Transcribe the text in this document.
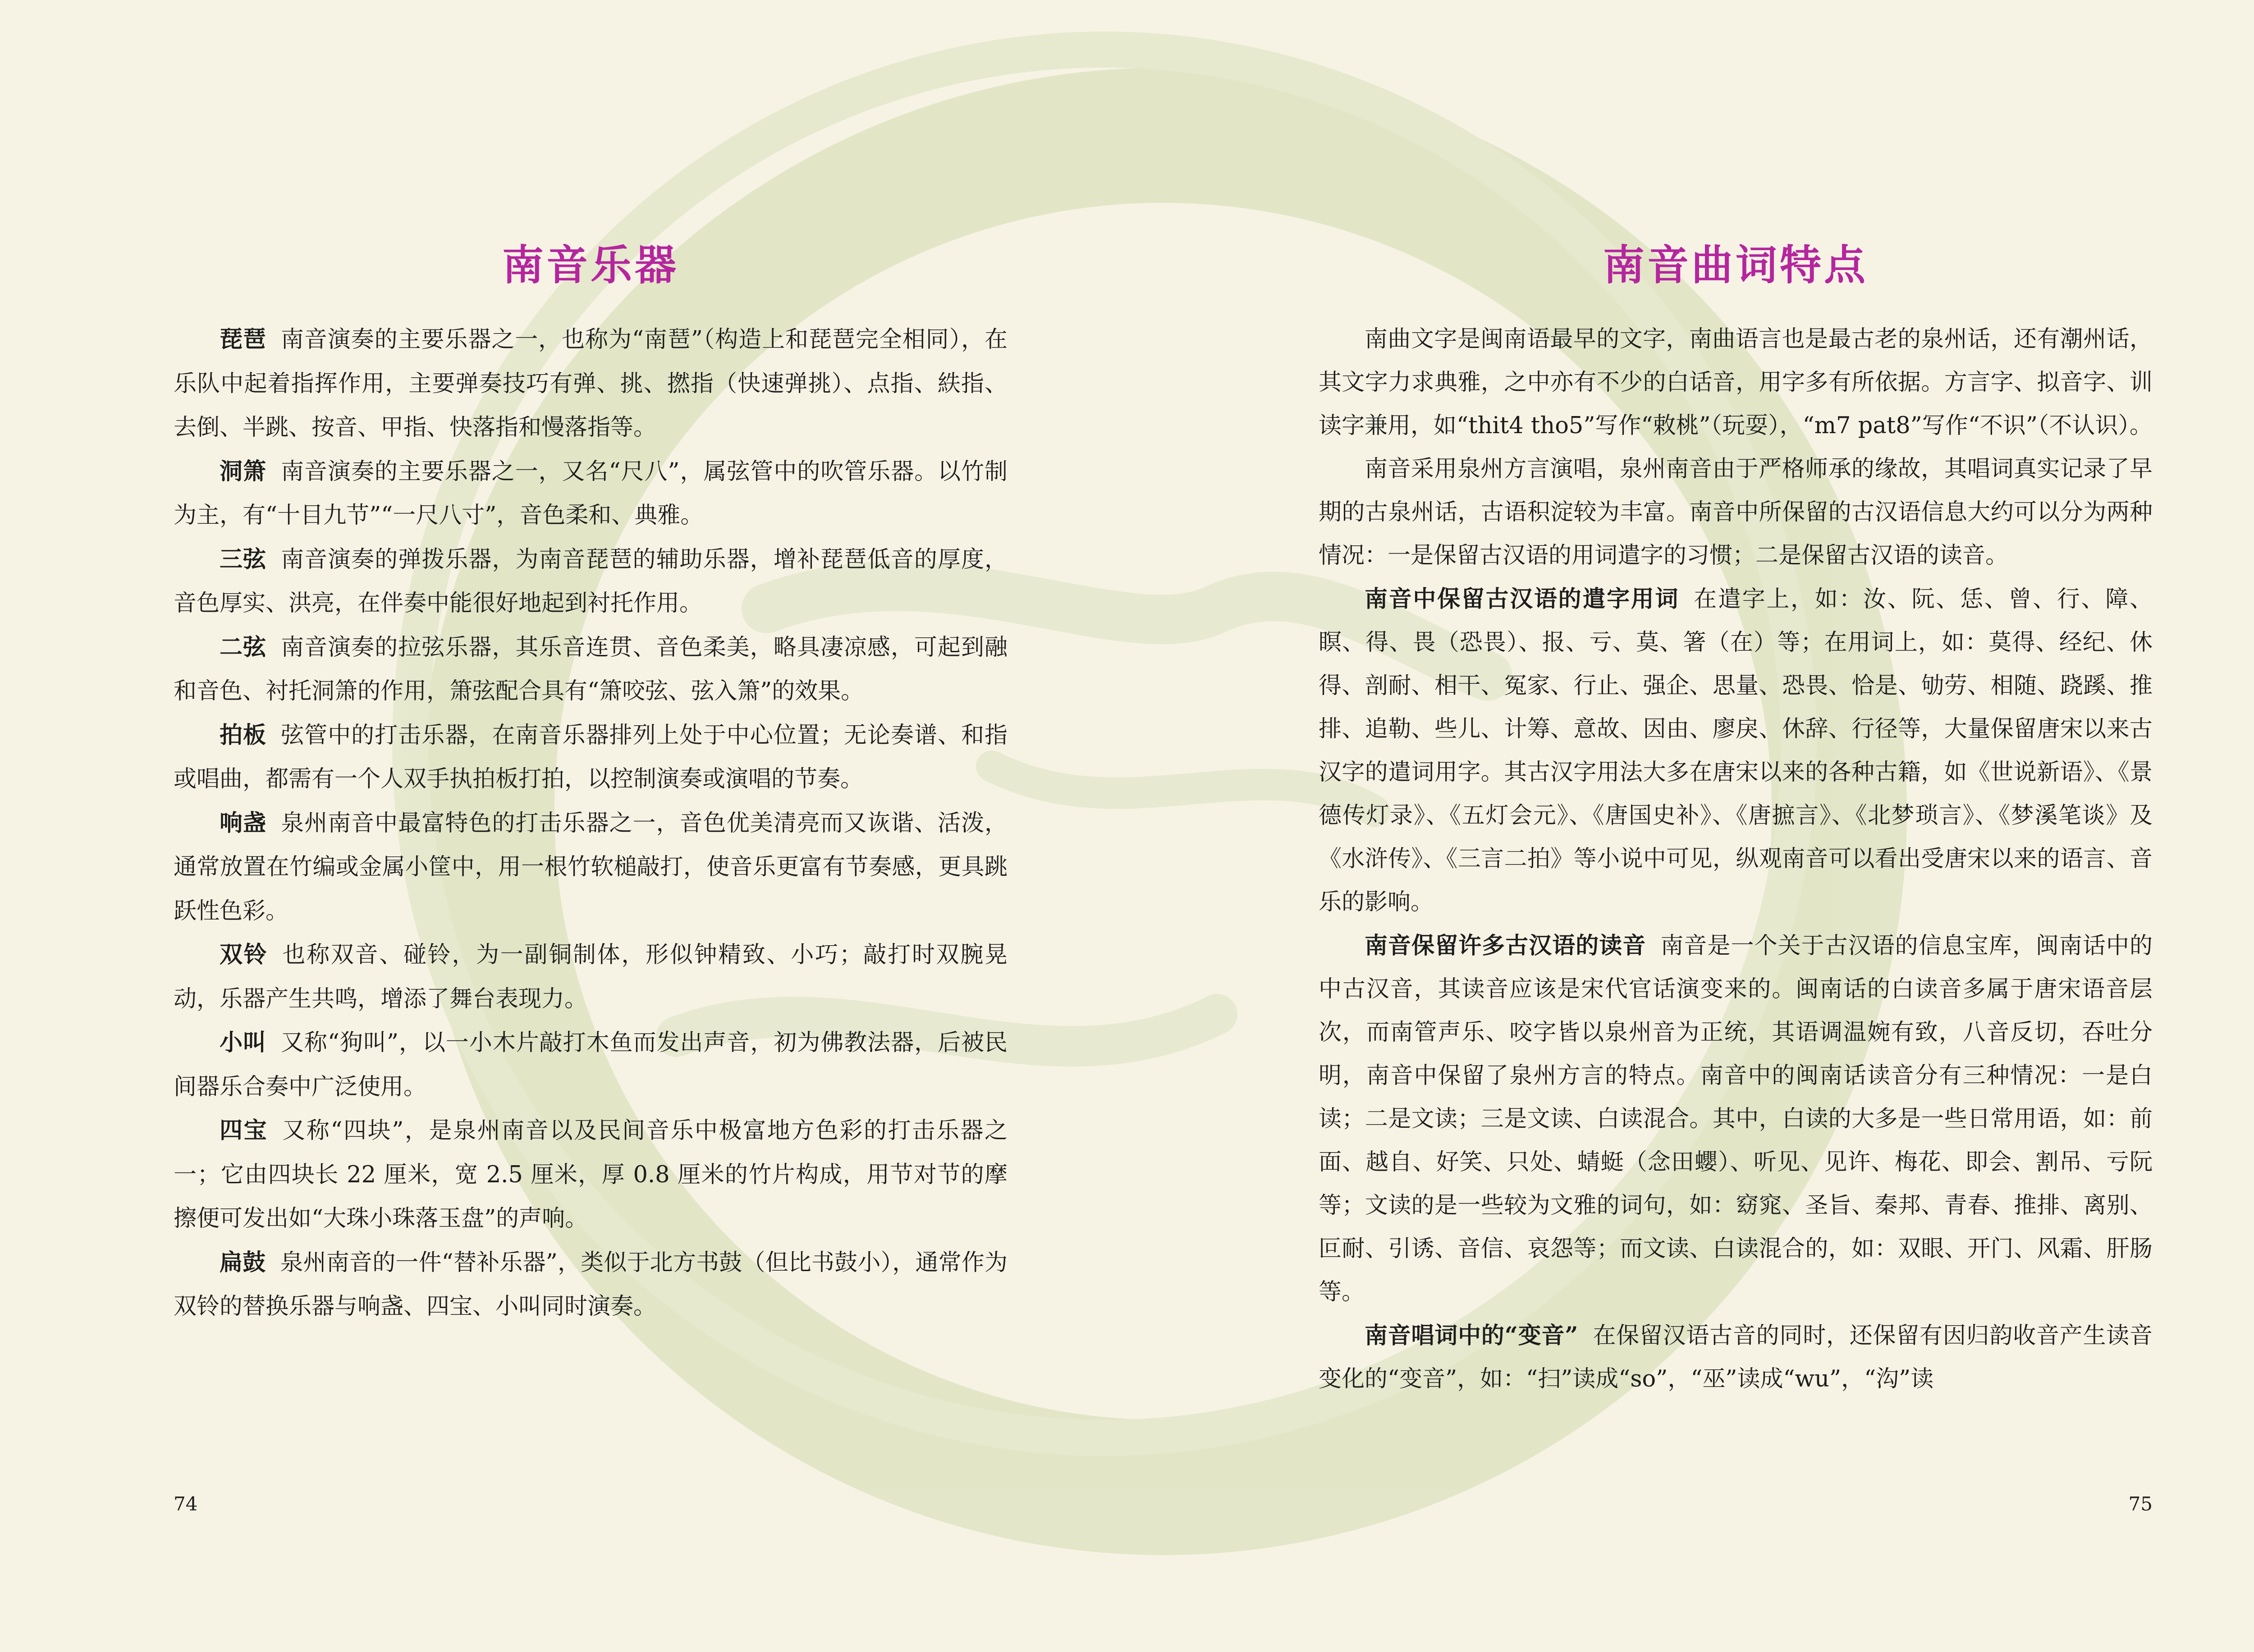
南音乐器

琵琶 南音演奏的主要乐器之一，也称为“南琶”（构造上和琵琶完全相同），在乐队中起着指挥作用，主要弹奏技巧有弹、挑、撚指（快速弹挑）、点指、紩指、去倒、半跳、按音、甲指、快落指和慢落指等。

洞箫 南音演奏的主要乐器之一，又名“尺八”，属弦管中的吹管乐器。以竹制为主，有“十目九节”“一尺八寸”，音色柔和、典雅。

三弦 南音演奏的弹拨乐器，为南音琵琶的辅助乐器，增补琵琶低音的厚度，音色厚实、洪亮，在伴奏中能很好地起到衬托作用。

二弦 南音演奏的拉弦乐器，其乐音连贯、音色柔美，略具凄凉感，可起到融和音色、衬托洞箫的作用，箫弦配合具有“箫咬弦、弦入箫”的效果。

拍板 弦管中的打击乐器，在南音乐器排列上处于中心位置；无论奏谱、和指或唱曲，都需有一个人双手执拍板打拍，以控制演奏或演唱的节奏。

响盏 泉州南音中最富特色的打击乐器之一，音色优美清亮而又诙谐、活泼，通常放置在竹编或金属小筐中，用一根竹软槌敲打，使音乐更富有节奏感，更具跳跃性色彩。

双铃 也称双音、碰铃，为一副铜制体，形似钟精致、小巧；敲打时双腕晃动，乐器产生共鸣，增添了舞台表现力。

小叫 又称“狗叫”，以一小木片敲打木鱼而发出声音，初为佛教法器，后被民间器乐合奏中广泛使用。

四宝 又称“四块”，是泉州南音以及民间音乐中极富地方色彩的打击乐器之一；它由四块长 22 厘米，宽 2.5 厘米，厚 0.8 厘米的竹片构成，用节对节的摩擦便可发出如“大珠小珠落玉盘”的声响。

扁鼓 泉州南音的一件“替补乐器”，类似于北方书鼓（但比书鼓小），通常作为双铃的替换乐器与响盏、四宝、小叫同时演奏。

74

南音曲词特点

南曲文字是闽南语最早的文字，南曲语言也是最古老的泉州话，还有潮州话，其文字力求典雅，之中亦有不少的白话音，用字多有所依据。方言字、拟音字、训读字兼用，如“thit4 tho5”写作“敕桃”（玩耍），“m7 pat8”写作“不识”（不认识）。

南音采用泉州方言演唱，泉州南音由于严格师承的缘故，其唱词真实记录了早期的古泉州话，古语积淀较为丰富。南音中所保留的古汉语信息大约可以分为两种情况：一是保留古汉语的用词遣字的习惯；二是保留古汉语的读音。

南音中保留古汉语的遣字用词 在遣字上，如：汝、阮、恁、曾、行、障、瞑、得、畏（恐畏）、报、亏、莫、箸（在）等；在用词上，如：莫得、经纪、休得、剖耐、相干、冤家、行止、强企、思量、恐畏、恰是、劬劳、相随、跷蹊、推排、追勒、些儿、计筹、意故、因由、廖戾、休辞、行径等，大量保留唐宋以来古汉字的遣词用字。其古汉字用法大多在唐宋以来的各种古籍，如《世说新语》、《景德传灯录》、《五灯会元》、《唐国史补》、《唐摭言》、《北梦琐言》、《梦溪笔谈》及《水浒传》、《三言二拍》等小说中可见，纵观南音可以看出受唐宋以来的语言、音乐的影响。

南音保留许多古汉语的读音 南音是一个关于古汉语的信息宝库，闽南话中的中古汉音，其读音应该是宋代官话演变来的。闽南话的白读音多属于唐宋语音层次，而南管声乐、咬字皆以泉州音为正统，其语调温婉有致，八音反切，吞吐分明，南音中保留了泉州方言的特点。南音中的闽南话读音分有三种情况：一是白读；二是文读；三是文读、白读混合。其中，白读的大多是一些日常用语，如：前面、越自、好笑、只处、蜻蜓（念田蠳）、听见、见许、梅花、即会、割吊、亏阮等；文读的是一些较为文雅的词句，如：窈窕、圣旨、秦邦、青春、推排、离别、叵耐、引诱、音信、哀怨等；而文读、白读混合的，如：双眼、开门、风霜、肝肠等。

南音唱词中的“变音” 在保留汉语古音的同时，还保留有因归韵收音产生读音变化的“变音”，如：“扫”读成“so”，“巫”读成“wu”，“沟”读

75
